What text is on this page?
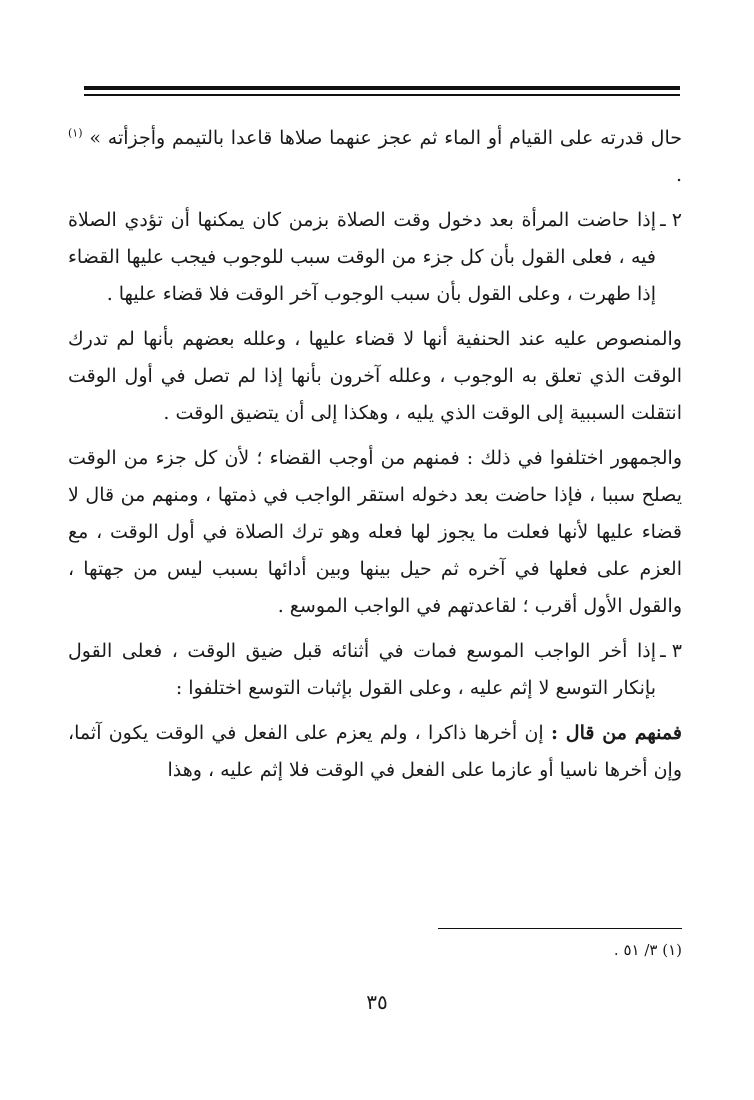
حال قدرته على القيام أو الماء ثم عجز عنهما صلاها قاعدا بالتيمم وأجزأته » $^{(١)}$ .

٢ ـ
إذا حاضت المرأة بعد دخول وقت الصلاة بزمن كان يمكنها أن تؤدي الصلاة فيه ، فعلى القول بأن كل جزء من الوقت سبب للوجوب فيجب عليها القضاء إذا طهرت ، وعلى القول بأن سبب الوجوب آخر الوقت فلا قضاء عليها .

والمنصوص عليه عند الحنفية أنها لا قضاء عليها ، وعلله بعضهم بأنها لم تدرك الوقت الذي تعلق به الوجوب ، وعلله آخرون بأنها إذا لم تصل في أول الوقت انتقلت السببية إلى الوقت الذي يليه ، وهكذا إلى أن يتضيق الوقت .

والجمهور اختلفوا في ذلك : فمنهم من أوجب القضاء ؛ لأن كل جزء من الوقت يصلح سببا ، فإذا حاضت بعد دخوله استقر الواجب في ذمتها ، ومنهم من قال لا قضاء عليها لأنها فعلت ما يجوز لها فعله وهو ترك الصلاة في أول الوقت ، مع العزم على فعلها في آخره ثم حيل بينها وبين أدائها بسبب ليس من جهتها ، والقول الأول أقرب ؛ لقاعدتهم في الواجب الموسع .

٣ ـ
إذا أخر الواجب الموسع فمات في أثنائه قبل ضيق الوقت ، فعلى القول بإنكار التوسع لا إثم عليه ، وعلى القول بإثبات التوسع اختلفوا :

فمنهم من قال : إن أخرها ذاكرا ، ولم يعزم على الفعل في الوقت يكون آثما، وإن أخرها ناسيا أو عازما على الفعل في الوقت فلا إثم عليه ، وهذا

(١) ٣/ ٥١ .
٣٥
